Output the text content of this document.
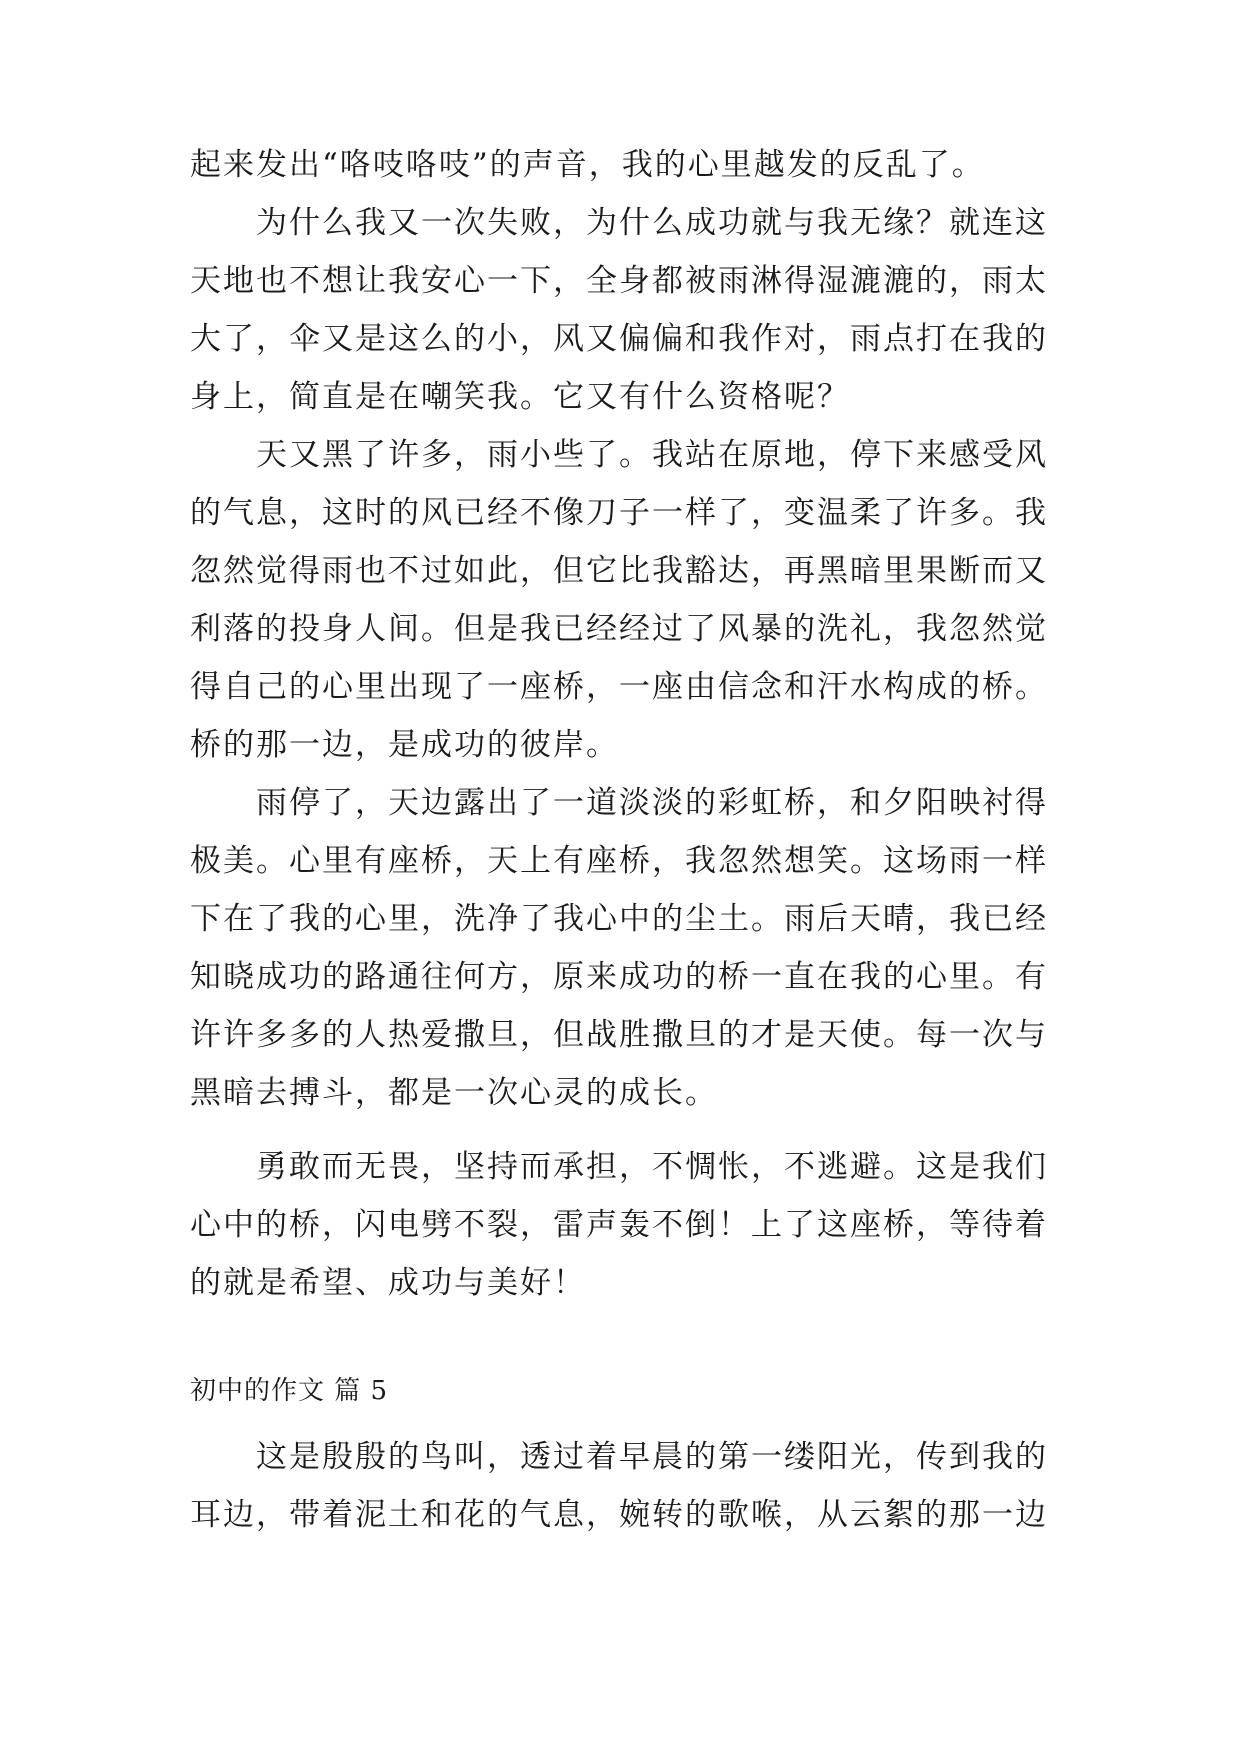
起来发出“咯吱咯吱”的声音，我的心里越发的反乱了。
为什么我又一次失败，为什么成功就与我无缘？就连这
天地也不想让我安心一下，全身都被雨淋得湿漉漉的，雨太
大了，伞又是这么的小，风又偏偏和我作对，雨点打在我的
身上，简直是在嘲笑我。它又有什么资格呢？
天又黑了许多，雨小些了。我站在原地，停下来感受风
的气息，这时的风已经不像刀子一样了，变温柔了许多。我
忽然觉得雨也不过如此，但它比我豁达，再黑暗里果断而又
利落的投身人间。但是我已经经过了风暴的洗礼，我忽然觉
得自己的心里出现了一座桥，一座由信念和汗水构成的桥。
桥的那一边，是成功的彼岸。
雨停了，天边露出了一道淡淡的彩虹桥，和夕阳映衬得
极美。心里有座桥，天上有座桥，我忽然想笑。这场雨一样
下在了我的心里，洗净了我心中的尘土。雨后天晴，我已经
知晓成功的路通往何方，原来成功的桥一直在我的心里。有
许许多多的人热爱撒旦，但战胜撒旦的才是天使。每一次与
黑暗去搏斗，都是一次心灵的成长。
勇敢而无畏，坚持而承担，不惆怅，不逃避。这是我们
心中的桥，闪电劈不裂，雷声轰不倒！上了这座桥，等待着
的就是希望、成功与美好！
初中的作文 篇 5
这是殷殷的鸟叫，透过着早晨的第一缕阳光，传到我的
耳边，带着泥土和花的气息，婉转的歌喉，从云絮的那一边
